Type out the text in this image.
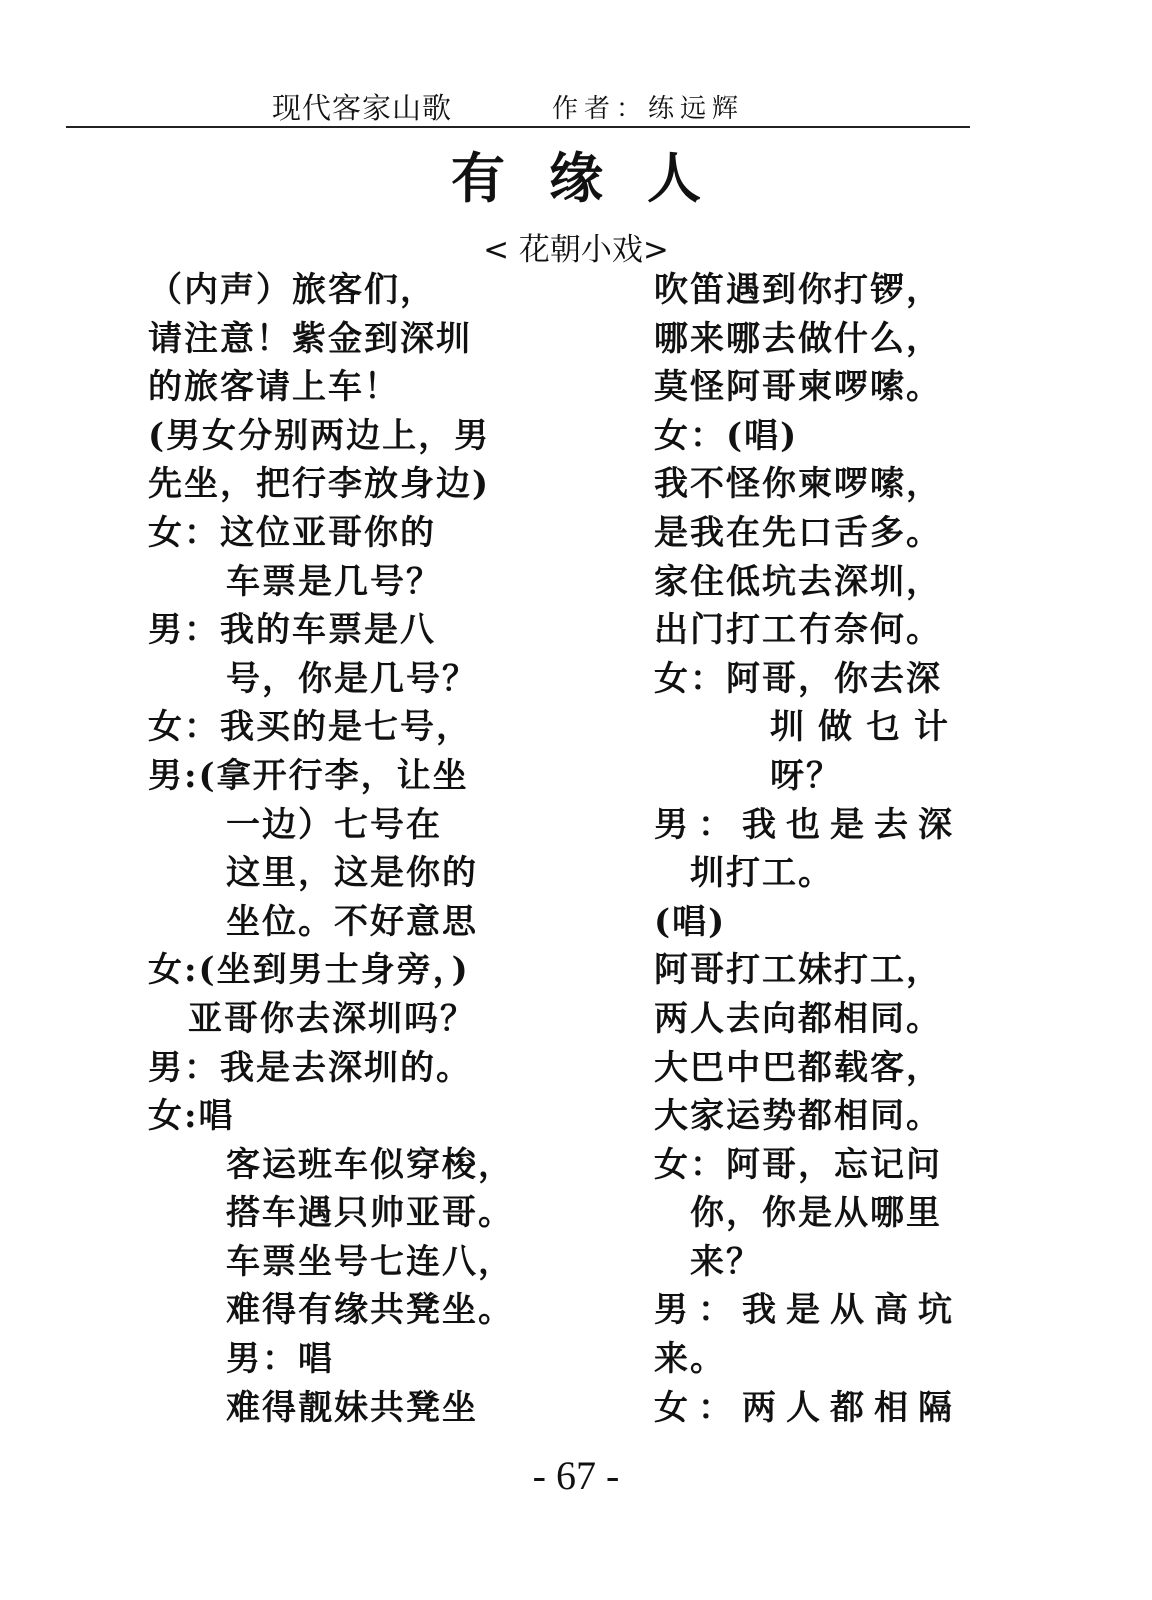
现代客家山歌	作者：练远辉
有缘人
< 花朝小戏>
（内声）旅客们，
请注意！紫金到深圳
的旅客请上车！
(男女分别两边上，男
先坐，把行李放身边)
女：这位亚哥你的
车票是几号？
男：我的车票是八
号，你是几号？
女：我买的是七号，
男:(拿开行李，让坐
一边）七号在
这里，这是你的
坐位。不好意思
女:(坐到男士身旁，)
亚哥你去深圳吗？
男：我是去深圳的。
女:唱
客运班车似穿梭，
搭车遇只帅亚哥。
车票坐号七连八，
难得有缘共凳坐。
男：唱
难得靓妹共凳坐
吹笛遇到你打锣，
哪来哪去做什么，
莫怪阿哥柬啰嗦。
女：(唱)
我不怪你柬啰嗦，
是我在先口舌多。
家住低坑去深圳，
出门打工冇奈何。
女：阿哥，你去深
圳做乜计
呀？
男：我也是去深
圳打工。
(唱)
阿哥打工妹打工，
两人去向都相同。
大巴中巴都载客，
大家运势都相同。
女：阿哥，忘记问
你，你是从哪里
来？
男：我是从高坑
来。
女：两人都相隔
- 67 -
